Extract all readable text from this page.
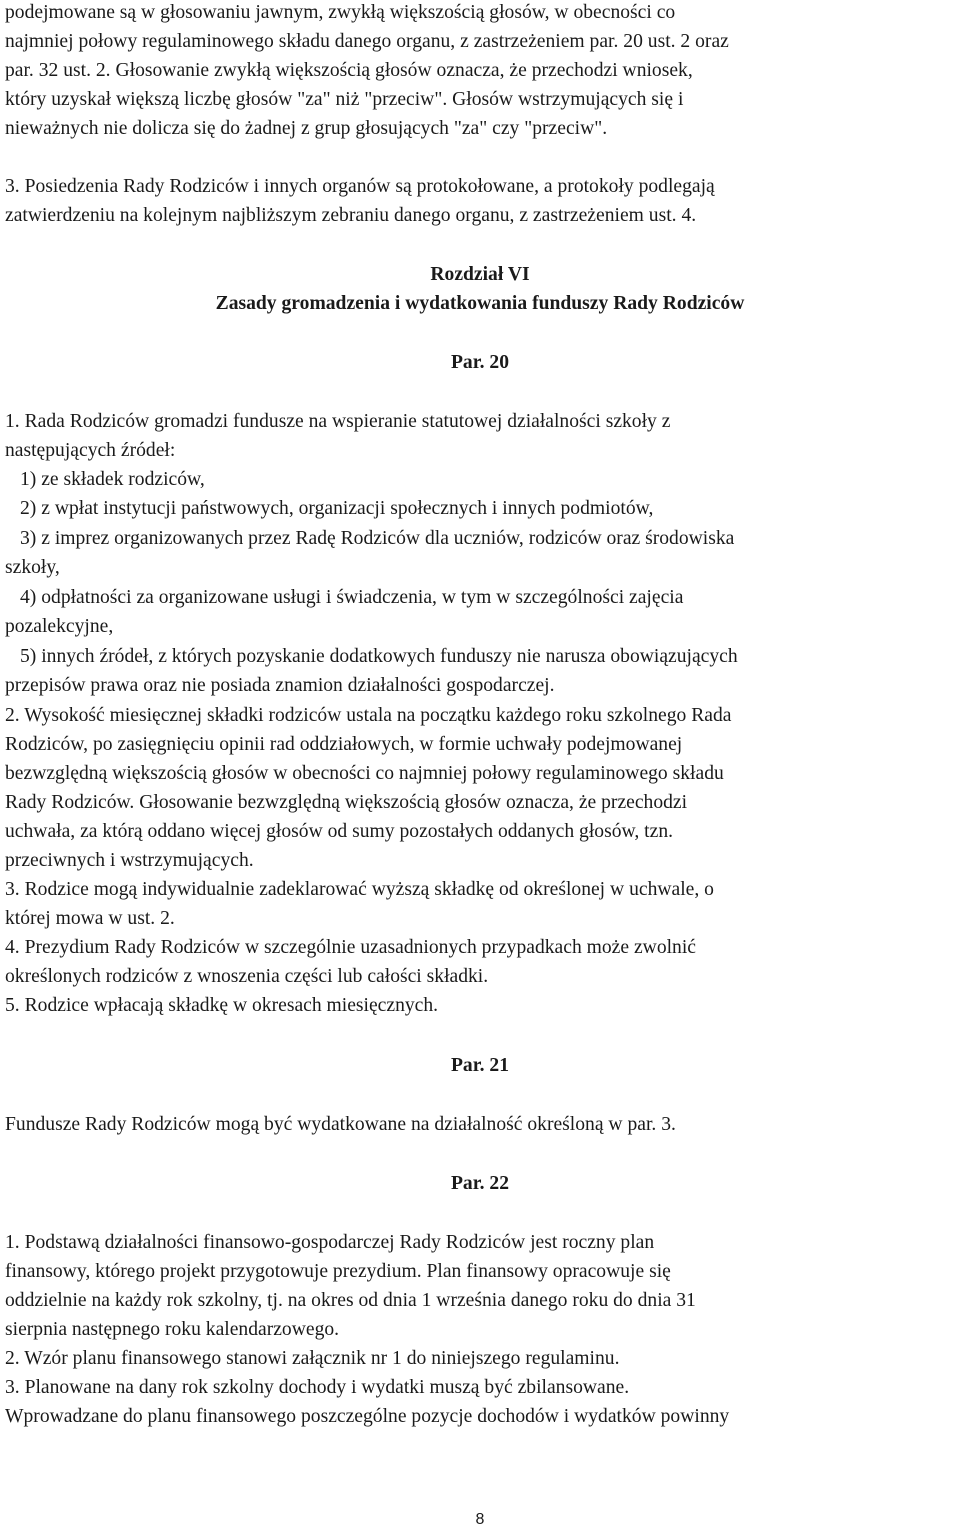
podejmowane są w głosowaniu jawnym, zwykłą większością głosów, w obecności co
najmniej połowy regulaminowego składu danego organu, z zastrzeżeniem par. 20 ust. 2 oraz
par. 32 ust. 2. Głosowanie zwykłą większością głosów oznacza, że przechodzi wniosek,
który uzyskał większą liczbę głosów "za" niż "przeciw". Głosów wstrzymujących się i
nieważnych nie dolicza się do żadnej z grup głosujących "za" czy "przeciw".
3. Posiedzenia Rady Rodziców i innych organów są protokołowane, a protokoły podlegają
zatwierdzeniu na kolejnym najbliższym zebraniu danego organu, z zastrzeżeniem ust. 4.
Rozdział VI
Zasady gromadzenia i wydatkowania funduszy Rady Rodziców
Par. 20
1. Rada Rodziców gromadzi fundusze na wspieranie statutowej działalności szkoły z
następujących źródeł:
1) ze składek rodziców,
2) z wpłat instytucji państwowych, organizacji społecznych i innych podmiotów,
3) z imprez organizowanych przez Radę Rodziców dla uczniów, rodziców oraz środowiska
szkoły,
4) odpłatności za organizowane usługi i świadczenia, w tym w szczególności zajęcia
pozalekcyjne,
5) innych źródeł, z których pozyskanie dodatkowych funduszy nie narusza obowiązujących
przepisów prawa oraz nie posiada znamion działalności gospodarczej.
2. Wysokość miesięcznej składki rodziców ustala na początku każdego roku szkolnego Rada
Rodziców, po zasięgnięciu opinii rad oddziałowych, w formie uchwały podejmowanej
bezwzględną większością głosów w obecności co najmniej połowy regulaminowego składu
Rady Rodziców. Głosowanie bezwzględną większością głosów oznacza, że przechodzi
uchwała, za którą oddano więcej głosów od sumy pozostałych oddanych głosów, tzn.
przeciwnych i wstrzymujących.
3. Rodzice mogą indywidualnie zadeklarować wyższą składkę od określonej w uchwale, o
której mowa w ust. 2.
4. Prezydium Rady Rodziców w szczególnie uzasadnionych przypadkach może zwolnić
określonych rodziców z wnoszenia części lub całości składki.
5. Rodzice wpłacają składkę w okresach miesięcznych.
Par. 21
Fundusze Rady Rodziców mogą być wydatkowane na działalność określoną w par. 3.
Par. 22
1. Podstawą działalności finansowo-gospodarczej Rady Rodziców jest roczny plan
finansowy, którego projekt przygotowuje prezydium. Plan finansowy opracowuje się
oddzielnie na każdy rok szkolny, tj. na okres od dnia 1 września danego roku do dnia 31
sierpnia następnego roku kalendarzowego.
2. Wzór planu finansowego stanowi załącznik nr 1 do niniejszego regulaminu.
3. Planowane na dany rok szkolny dochody i wydatki muszą być zbilansowane.
Wprowadzane do planu finansowego poszczególne pozycje dochodów i wydatków powinny
8
